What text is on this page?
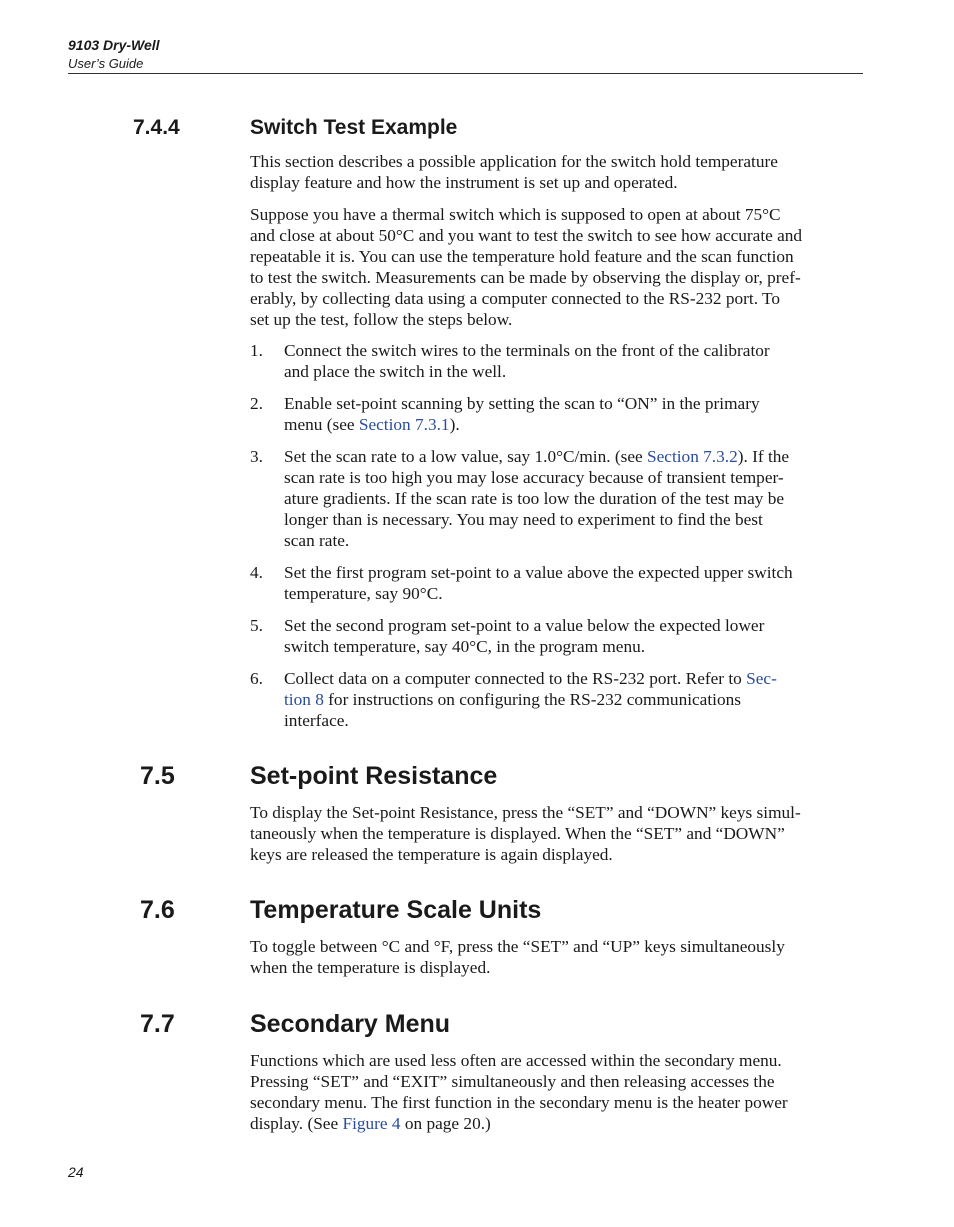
9103 Dry-Well
User’s Guide
7.4.4	Switch Test Example
This section describes a possible application for the switch hold temperature
display feature and how the instrument is set up and operated.
Suppose you have a thermal switch which is supposed to open at about 75°C
and close at about 50°C and you want to test the switch to see how accurate and
repeatable it is. You can use the temperature hold feature and the scan function
to test the switch. Measurements can be made by observing the display or, pref-
erably, by collecting data using a computer connected to the RS-232 port. To
set up the test, follow the steps below.
1. Connect the switch wires to the terminals on the front of the calibrator
and place the switch in the well.
2. Enable set-point scanning by setting the scan to “ON” in the primary
menu (see Section 7.3.1).
3. Set the scan rate to a low value, say 1.0°C/min. (see Section 7.3.2). If the
scan rate is too high you may lose accuracy because of transient temper-
ature gradients. If the scan rate is too low the duration of the test may be
longer than is necessary. You may need to experiment to find the best
scan rate.
4. Set the first program set-point to a value above the expected upper switch
temperature, say 90°C.
5. Set the second program set-point to a value below the expected lower
switch temperature, say 40°C, in the program menu.
6. Collect data on a computer connected to the RS-232 port. Refer to Sec-
tion 8 for instructions on configuring the RS-232 communications
interface.
7.5	Set-point Resistance
To display the Set-point Resistance, press the “SET” and “DOWN” keys simul-
taneously when the temperature is displayed. When the “SET” and “DOWN”
keys are released the temperature is again displayed.
7.6	Temperature Scale Units
To toggle between °C and °F, press the “SET” and “UP” keys simultaneously
when the temperature is displayed.
7.7	Secondary Menu
Functions which are used less often are accessed within the secondary menu.
Pressing “SET” and “EXIT” simultaneously and then releasing accesses the
secondary menu. The first function in the secondary menu is the heater power
display. (See Figure 4 on page 20.)
24
